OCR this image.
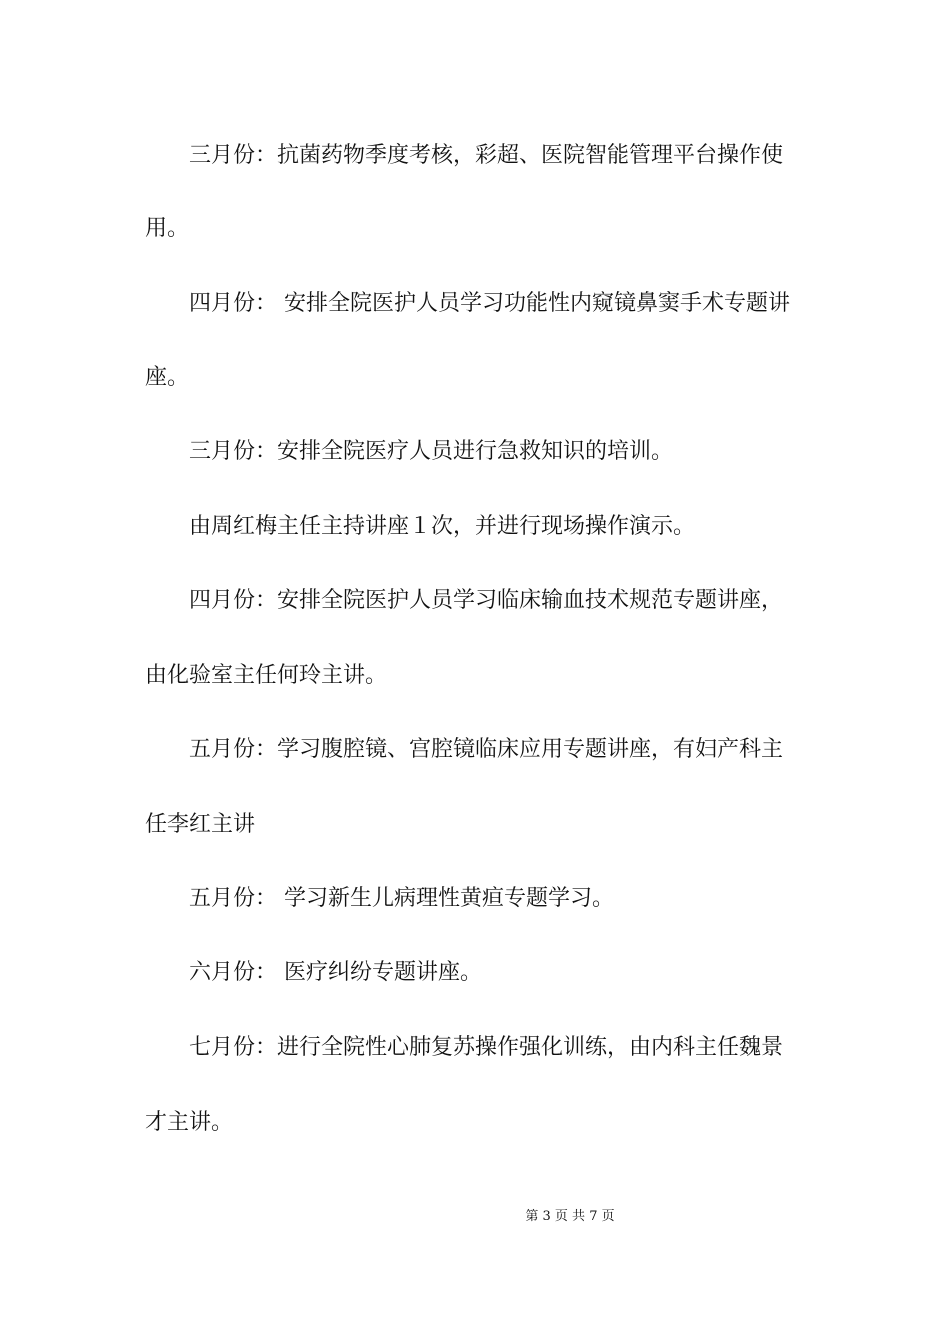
三月份：抗菌药物季度考核，彩超、医院智能管理平台操作使
用。
四月份： 安排全院医护人员学习功能性内窥镜鼻窦手术专题讲
座。
三月份：安排全院医疗人员进行急救知识的培训。
由周红梅主任主持讲座１次，并进行现场操作演示。
四月份：安排全院医护人员学习临床输血技术规范专题讲座，
由化验室主任何玲主讲。
五月份：学习腹腔镜、宫腔镜临床应用专题讲座，有妇产科主
任李红主讲
五月份： 学习新生儿病理性黄疸专题学习。
六月份： 医疗纠纷专题讲座。
七月份：进行全院性心肺复苏操作强化训练，由内科主任魏景
才主讲。
第 3 页 共 7 页
